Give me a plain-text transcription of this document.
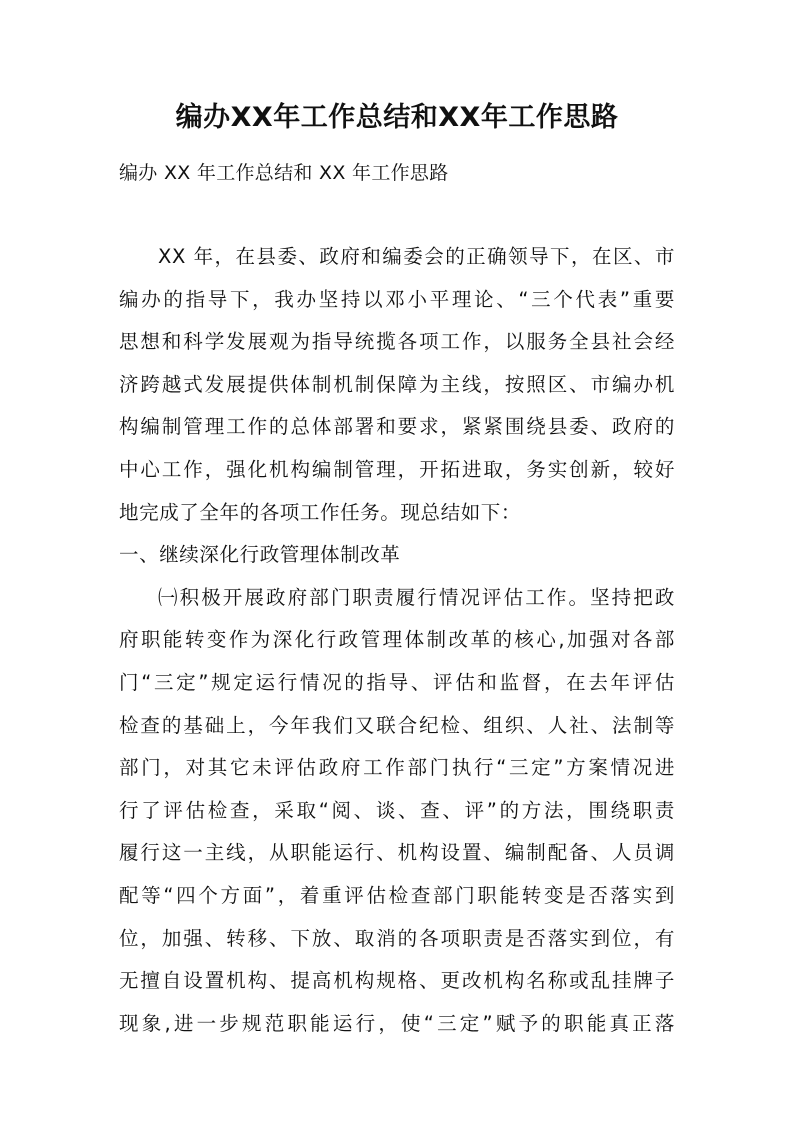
编办XX年工作总结和XX年工作思路
编办 XX 年工作总结和 XX 年工作思路
XX 年，在县委、政府和编委会的正确领导下，在区、市
编办的指导下，我办坚持以邓小平理论、“三个代表”重要
思想和科学发展观为指导统揽各项工作，以服务全县社会经
济跨越式发展提供体制机制保障为主线，按照区、市编办机
构编制管理工作的总体部署和要求，紧紧围绕县委、政府的
中心工作，强化机构编制管理，开拓进取，务实创新，较好
地完成了全年的各项工作任务。现总结如下：
一、继续深化行政管理体制改革
㈠积极开展政府部门职责履行情况评估工作。坚持把政
府职能转变作为深化行政管理体制改革的核心,加强对各部
门“三定”规定运行情况的指导、评估和监督，在去年评估
检查的基础上，今年我们又联合纪检、组织、人社、法制等
部门，对其它未评估政府工作部门执行“三定”方案情况进
行了评估检查，采取“阅、谈、查、评”的方法，围绕职责
履行这一主线，从职能运行、机构设置、编制配备、人员调
配等“四个方面”，着重评估检查部门职能转变是否落实到
位，加强、转移、下放、取消的各项职责是否落实到位，有
无擅自设置机构、提高机构规格、更改机构名称或乱挂牌子
现象,进一步规范职能运行，使“三定”赋予的职能真正落
